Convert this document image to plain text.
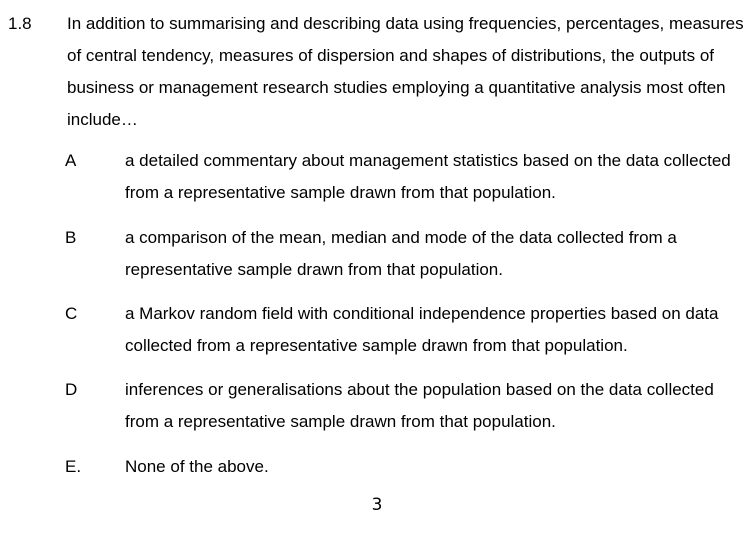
1.8 In addition to summarising and describing data using frequencies, percentages, measures of central tendency, measures of dispersion and shapes of distributions, the outputs of business or management research studies employing a quantitative analysis most often include…
A	a detailed commentary about management statistics based on the data collected from a representative sample drawn from that population.
B	a comparison of the mean, median and mode of the data collected from a representative sample drawn from that population.
C	a Markov random field with conditional independence properties based on data collected from a representative sample drawn from that population.
D	inferences or generalisations about the population based on the data collected from a representative sample drawn from that population.
E.	None of the above.
3
